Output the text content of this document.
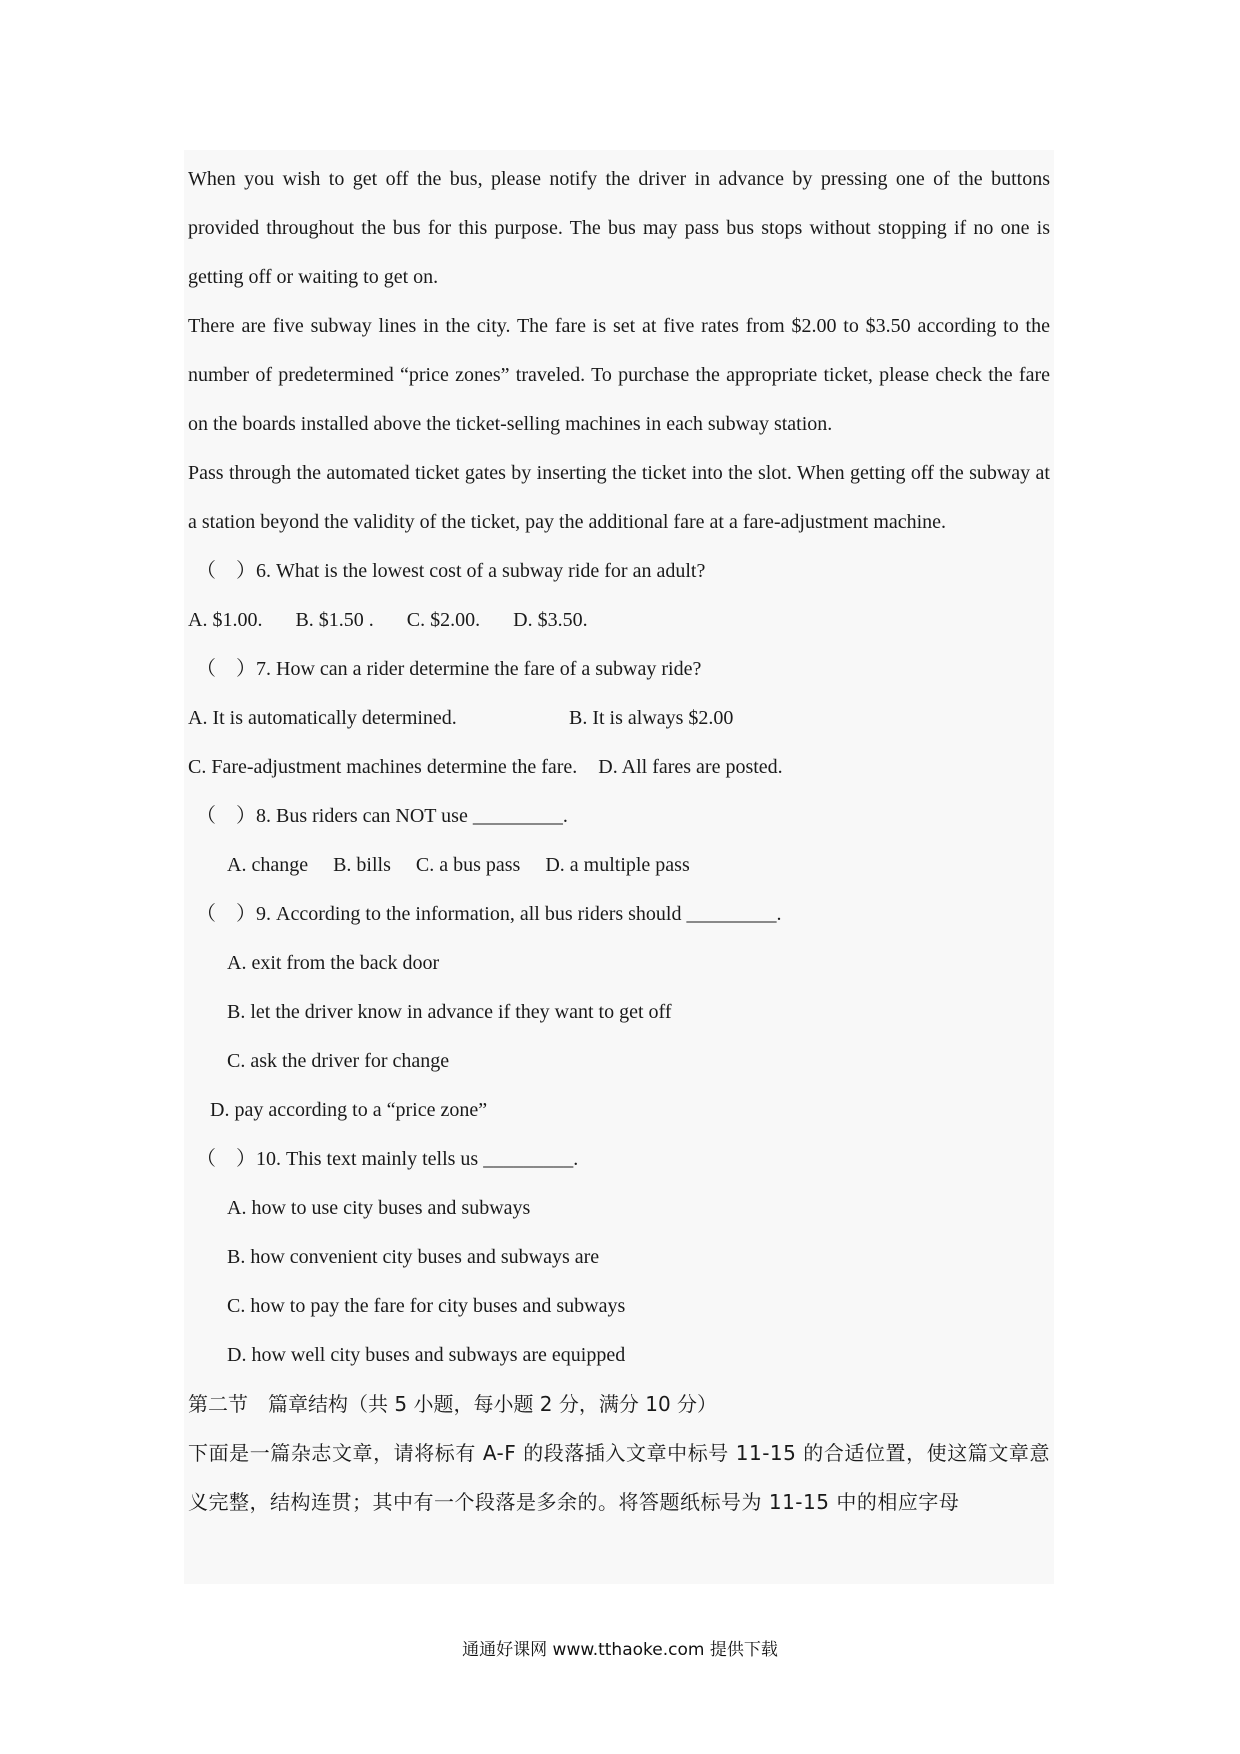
When you wish to get off the bus, please notify the driver in advance by pressing one of the buttons provided throughout the bus for this purpose. The bus may pass bus stops without stopping if no one is getting off or waiting to get on.

There are five subway lines in the city. The fare is set at five rates from $2.00 to $3.50 according to the number of predetermined “price zones” traveled. To purchase the appropriate ticket, please check the fare on the boards installed above the ticket-selling machines in each subway station.

Pass through the automated ticket gates by inserting the ticket into the slot. When getting off the subway at a station beyond the validity of the ticket, pay the additional fare at a fare-adjustment machine.

（　）6. What is the lowest cost of a subway ride for an adult?

A. $1.00. B. $1.50 . C. $2.00. D. $3.50.

（　）7. How can a rider determine the fare of a subway ride?

A. It is automatically determined.	B. It is always $2.00

C. Fare-adjustment machines determine the fare. D. All fares are posted.

（　）8. Bus riders can NOT use _________.

A. change B. bills C. a bus pass D. a multiple pass

（　）9. According to the information, all bus riders should _________.

A. exit from the back door

B. let the driver know in advance if they want to get off

C. ask the driver for change

D. pay according to a “price zone”

（　）10. This text mainly tells us _________.

A. how to use city buses and subways

B. how convenient city buses and subways are

C. how to pay the fare for city buses and subways

D. how well city buses and subways are equipped

第二节　篇章结构（共 5 小题，每小题 2 分，满分 10 分）

下面是一篇杂志文章，请将标有 A-F 的段落插入文章中标号 11-15 的合适位置，使这篇文章意义完整，结构连贯；其中有一个段落是多余的。将答题纸标号为 11-15 中的相应字母

通通好课网 www.tthaoke.com 提供下载
